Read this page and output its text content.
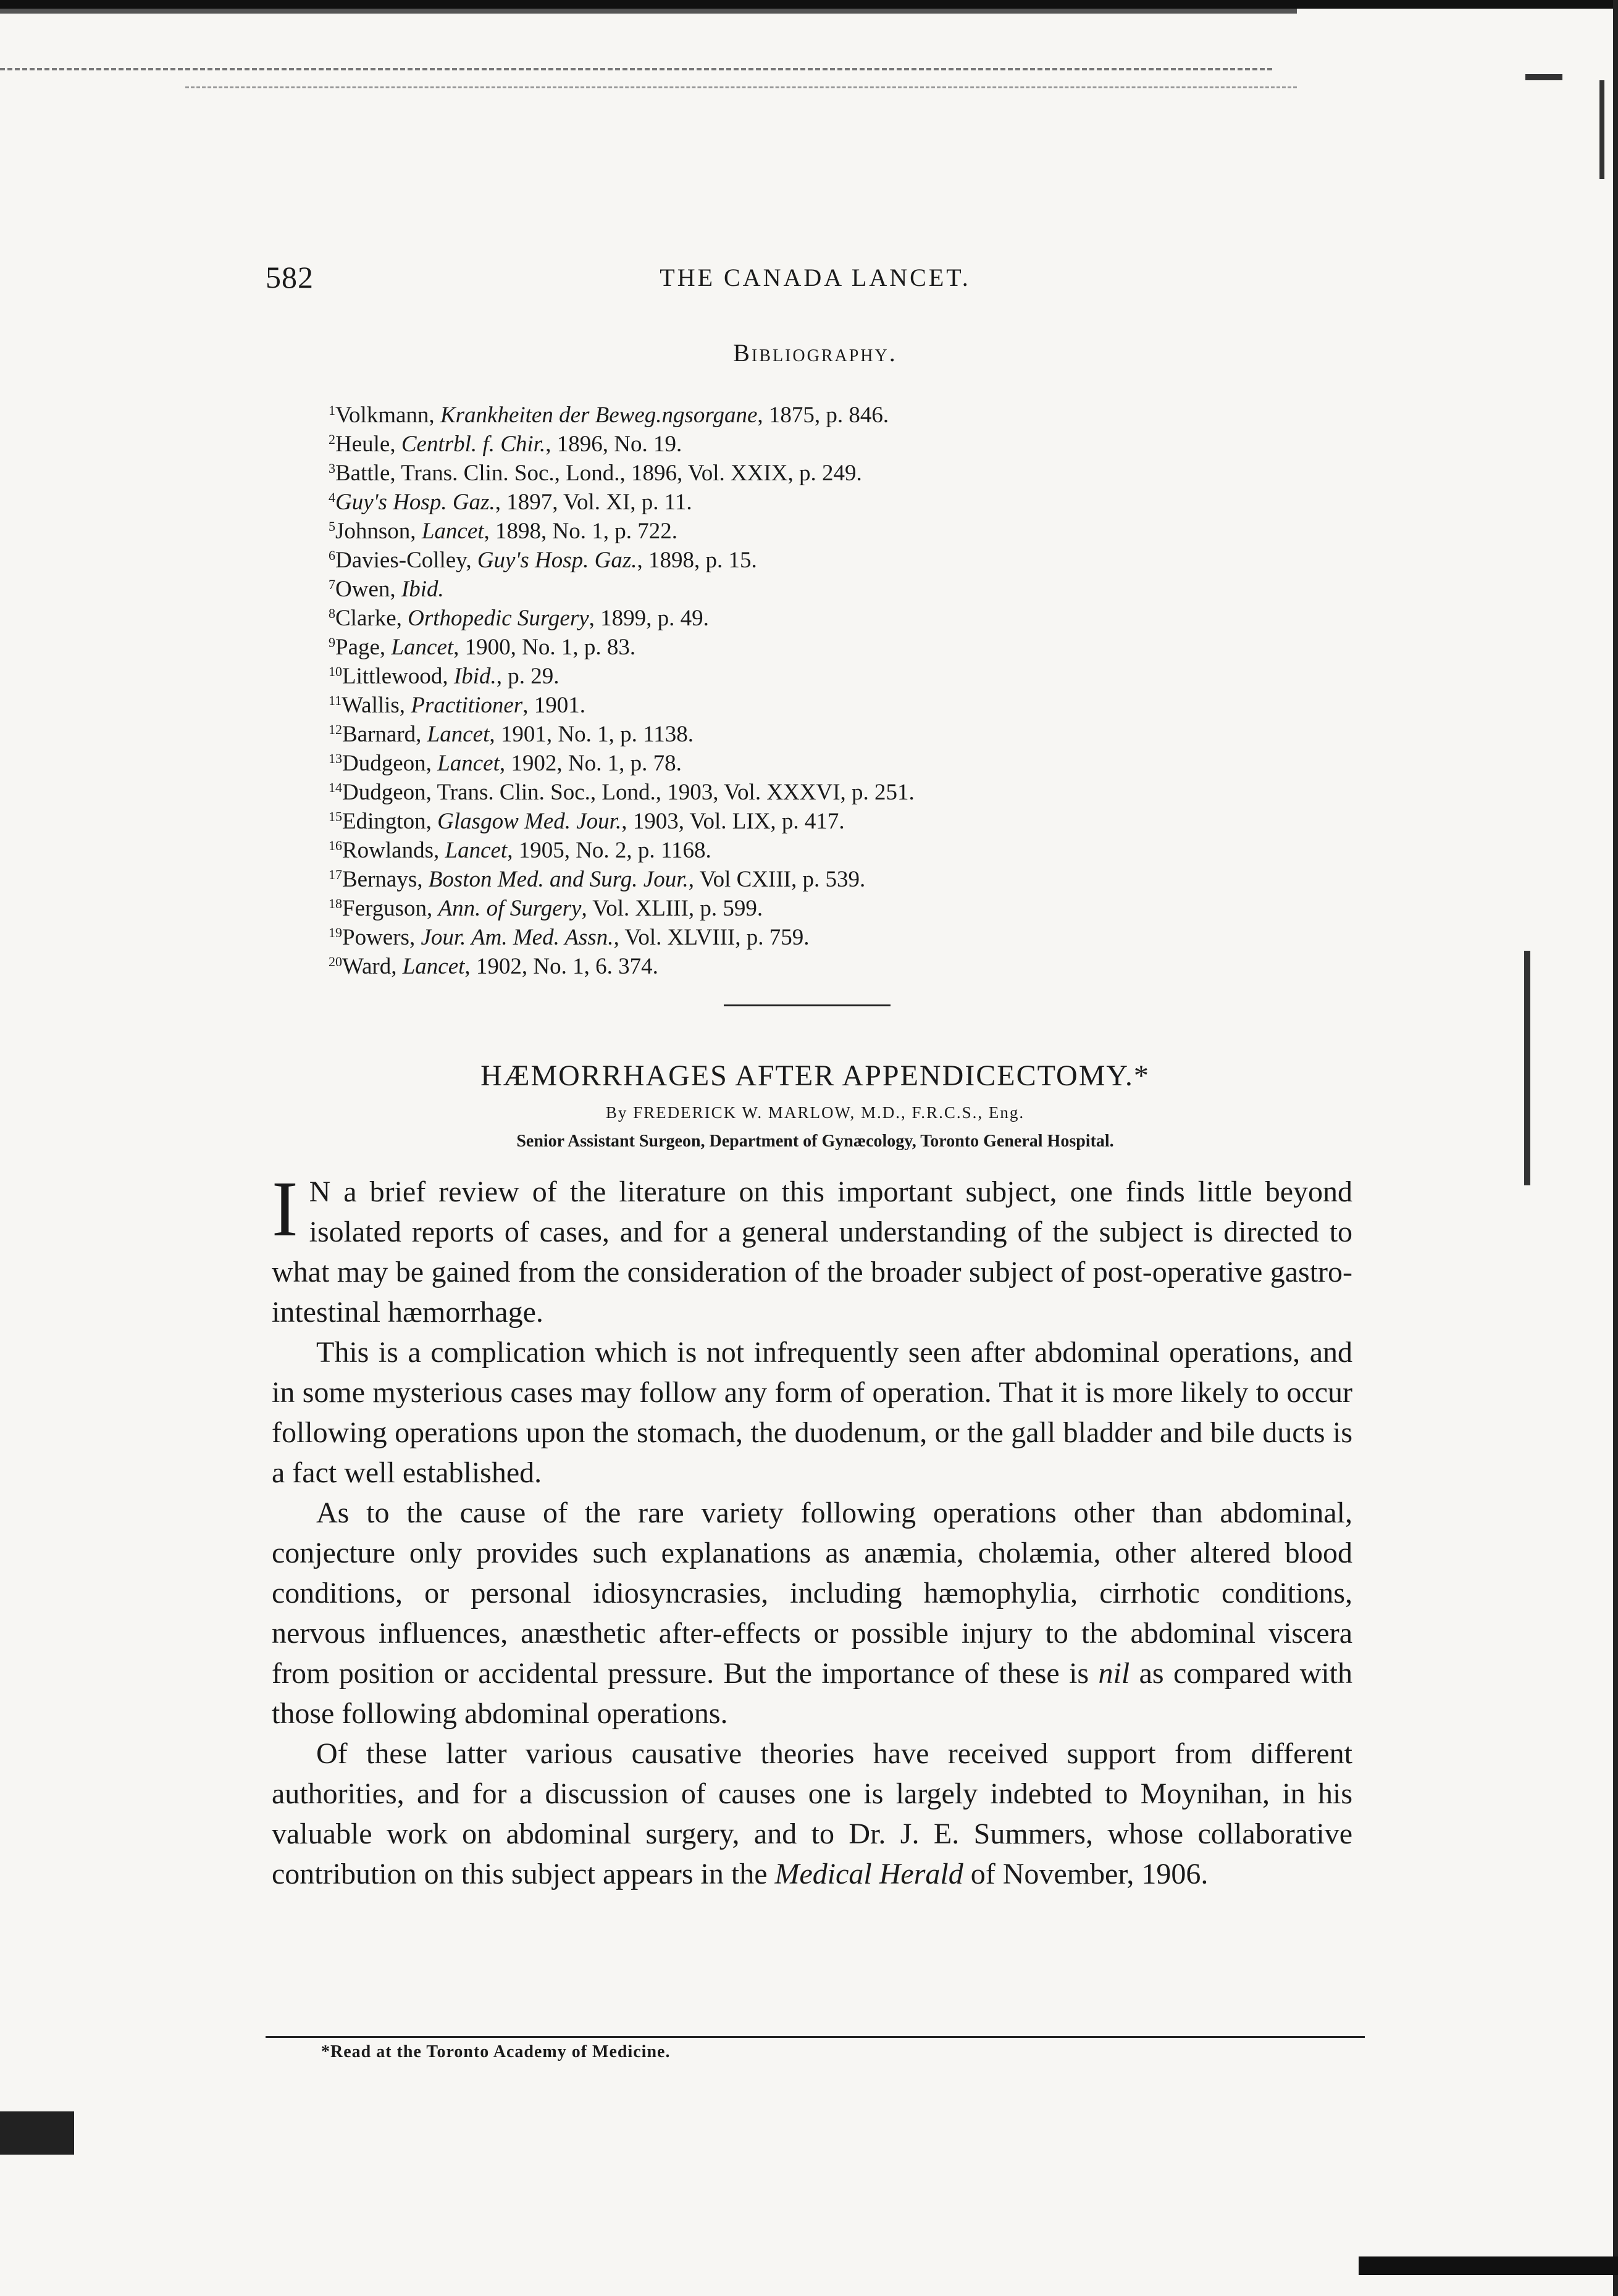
582	THE CANADA LANCET.
Bibliography.
$^1$Volkmann, Krankheiten der Beweg.ngsorgane, 1875, p. 846.
$^2$Heule, Centrbl. f. Chir., 1896, No. 19.
$^3$Battle, Trans. Clin. Soc., Lond., 1896, Vol. XXIX, p. 249.
$^4$Guy's Hosp. Gaz., 1897, Vol. XI, p. 11.
$^5$Johnson, Lancet, 1898, No. 1, p. 722.
$^6$Davies-Colley, Guy's Hosp. Gaz., 1898, p. 15.
$^7$Owen, Ibid.
$^8$Clarke, Orthopedic Surgery, 1899, p. 49.
$^9$Page, Lancet, 1900, No. 1, p. 83.
$^{10}$Littlewood, Ibid., p. 29.
$^{11}$Wallis, Practitioner, 1901.
$^{12}$Barnard, Lancet, 1901, No. 1, p. 1138.
$^{13}$Dudgeon, Lancet, 1902, No. 1, p. 78.
$^{14}$Dudgeon, Trans. Clin. Soc., Lond., 1903, Vol. XXXVI, p. 251.
$^{15}$Edington, Glasgow Med. Jour., 1903, Vol. LIX, p. 417.
$^{16}$Rowlands, Lancet, 1905, No. 2, p. 1168.
$^{17}$Bernays, Boston Med. and Surg. Jour., Vol CXIII, p. 539.
$^{18}$Ferguson, Ann. of Surgery, Vol. XLIII, p. 599.
$^{19}$Powers, Jour. Am. Med. Assn., Vol. XLVIII, p. 759.
$^{20}$Ward, Lancet, 1902, No. 1, 6. 374.
HÆMORRHAGES AFTER APPENDICECTOMY.*
By FREDERICK W. MARLOW, M.D., F.R.C.S., Eng.
Senior Assistant Surgeon, Department of Gynæcology, Toronto General Hospital.

I N a brief review of the literature on this important subject, one finds little beyond isolated reports of cases, and for a general understanding of the subject is directed to what may be gained from the consideration of the broader subject of post-operative gastro-intestinal hæmorrhage.

This is a complication which is not infrequently seen after abdominal operations, and in some mysterious cases may follow any form of operation. That it is more likely to occur following operations upon the stomach, the duodenum, or the gall bladder and bile ducts is a fact well established.

As to the cause of the rare variety following operations other than abdominal, conjecture only provides such explanations as anæmia, cholæmia, other altered blood conditions, or personal idiosyncrasies, including hæmophylia, cirrhotic conditions, nervous influences, anæsthetic after-effects or possible injury to the abdominal viscera from position or accidental pressure. But the importance of these is nil as compared with those following abdominal operations.

Of these latter various causative theories have received support from different authorities, and for a discussion of causes one is largely indebted to Moynihan, in his valuable work on abdominal surgery, and to Dr. J. E. Summers, whose collaborative contribution on this subject appears in the Medical Herald of November, 1906.

*Read at the Toronto Academy of Medicine.
